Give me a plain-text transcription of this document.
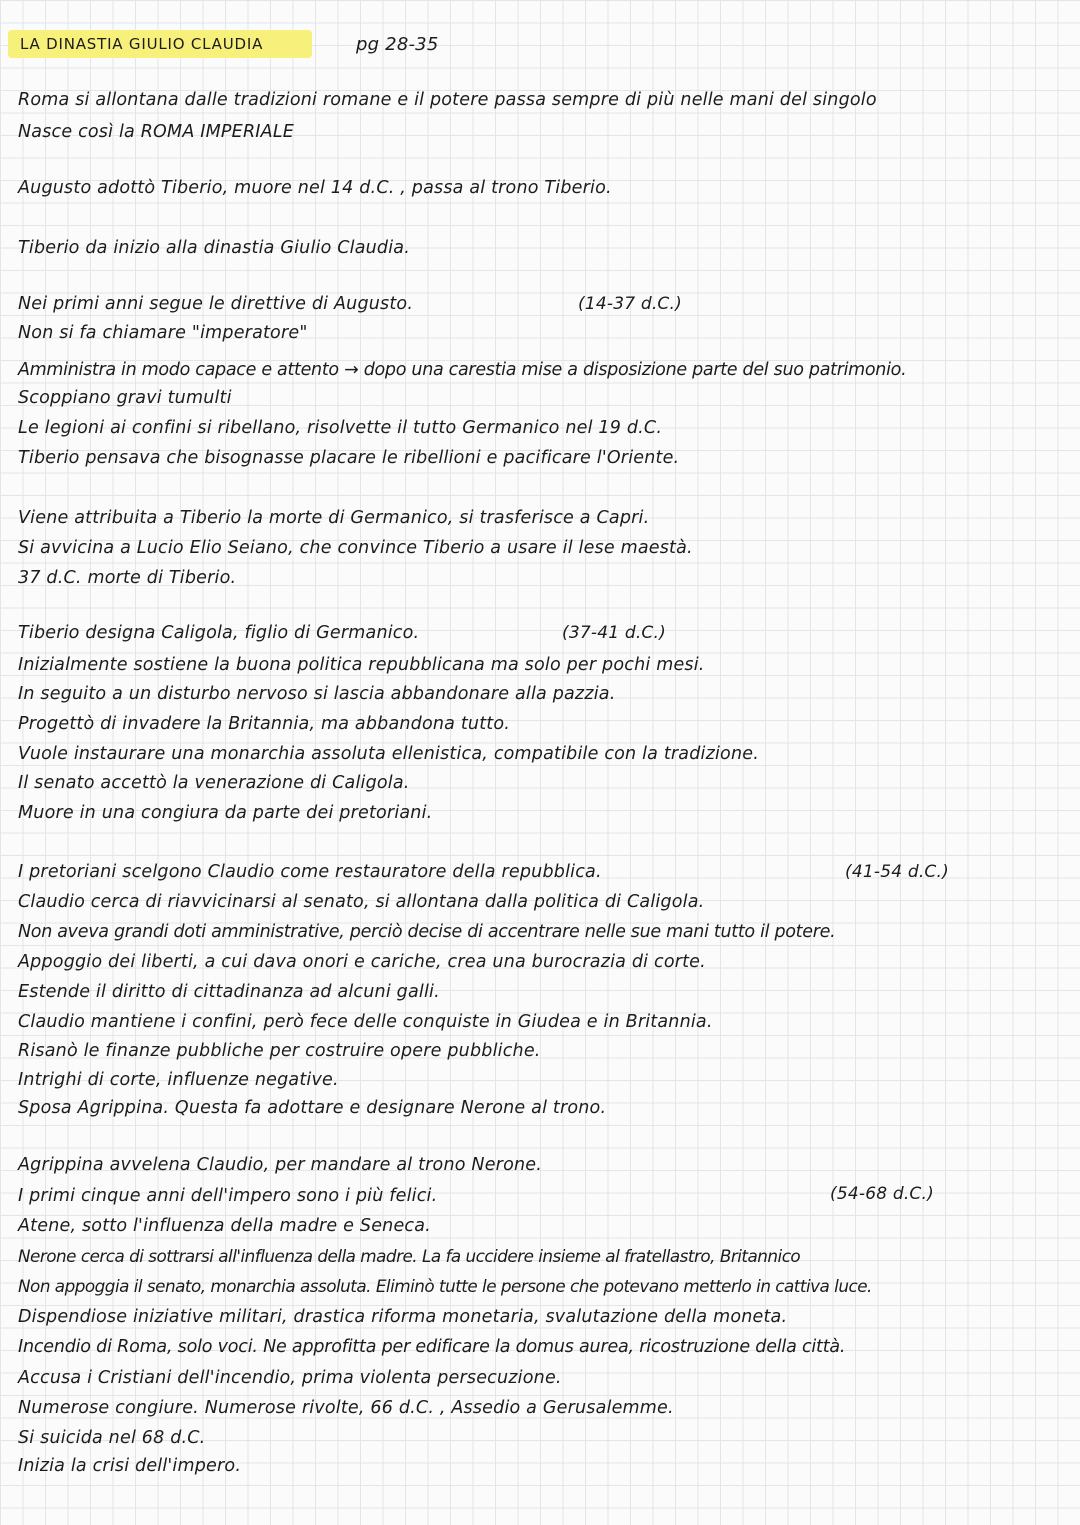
LA DINASTIA GIULIO CLAUDIA	pg 28-35

Roma si allontana dalle tradizioni romane e il potere passa sempre di più nelle mani del singolo

Nasce così la ROMA IMPERIALE

Augusto adottò Tiberio, muore nel 14 d.C. , passa al trono Tiberio.

Tiberio da inizio alla dinastia Giulio Claudia.

Nei primi anni segue le direttive di Augusto.	(14-37 d.C.)

Non si fa chiamare "imperatore"

Amministra in modo capace e attento → dopo una carestia mise a disposizione parte del suo patrimonio.

Scoppiano gravi tumulti

Le legioni ai confini si ribellano, risolvette il tutto Germanico nel 19 d.C.

Tiberio pensava che bisognasse placare le ribellioni e pacificare l'Oriente.

Viene attribuita a Tiberio la morte di Germanico, si trasferisce a Capri.

Si avvicina a Lucio Elio Seiano, che convince Tiberio a usare il lese maestà.

37 d.C. morte di Tiberio.

Tiberio designa Caligola, figlio di Germanico.	(37-41 d.C.)

Inizialmente sostiene la buona politica repubblicana ma solo per pochi mesi.

In seguito a un disturbo nervoso si lascia abbandonare alla pazzia.

Progettò di invadere la Britannia, ma abbandona tutto.

Vuole instaurare una monarchia assoluta ellenistica, compatibile con la tradizione.

Il senato accettò la venerazione di Caligola.

Muore in una congiura da parte dei pretoriani.

I pretoriani scelgono Claudio come restauratore della repubblica.	(41-54 d.C.)

Claudio cerca di riavvicinarsi al senato, si allontana dalla politica di Caligola.

Non aveva grandi doti amministrative, perciò decise di accentrare nelle sue mani tutto il potere.

Appoggio dei liberti, a cui dava onori e cariche, crea una burocrazia di corte.

Estende il diritto di cittadinanza ad alcuni galli.

Claudio mantiene i confini, però fece delle conquiste in Giudea e in Britannia.

Risanò le finanze pubbliche per costruire opere pubbliche.

Intrighi di corte, influenze negative.

Sposa Agrippina. Questa fa adottare e designare Nerone al trono.

Agrippina avvelena Claudio, per mandare al trono Nerone.

I primi cinque anni dell'impero sono i più felici.	(54-68 d.C.)

Atene, sotto l'influenza della madre e Seneca.

Nerone cerca di sottrarsi all'influenza della madre. La fa uccidere insieme al fratellastro, Britannico

Non appoggia il senato, monarchia assoluta. Eliminò tutte le persone che potevano metterlo in cattiva luce.

Dispendiose iniziative militari, drastica riforma monetaria, svalutazione della moneta.

Incendio di Roma, solo voci. Ne approfitta per edificare la domus aurea, ricostruzione della città.

Accusa i Cristiani dell'incendio, prima violenta persecuzione.

Numerose congiure. Numerose rivolte, 66 d.C. , Assedio a Gerusalemme.

Si suicida nel 68 d.C.

Inizia la crisi dell'impero.
